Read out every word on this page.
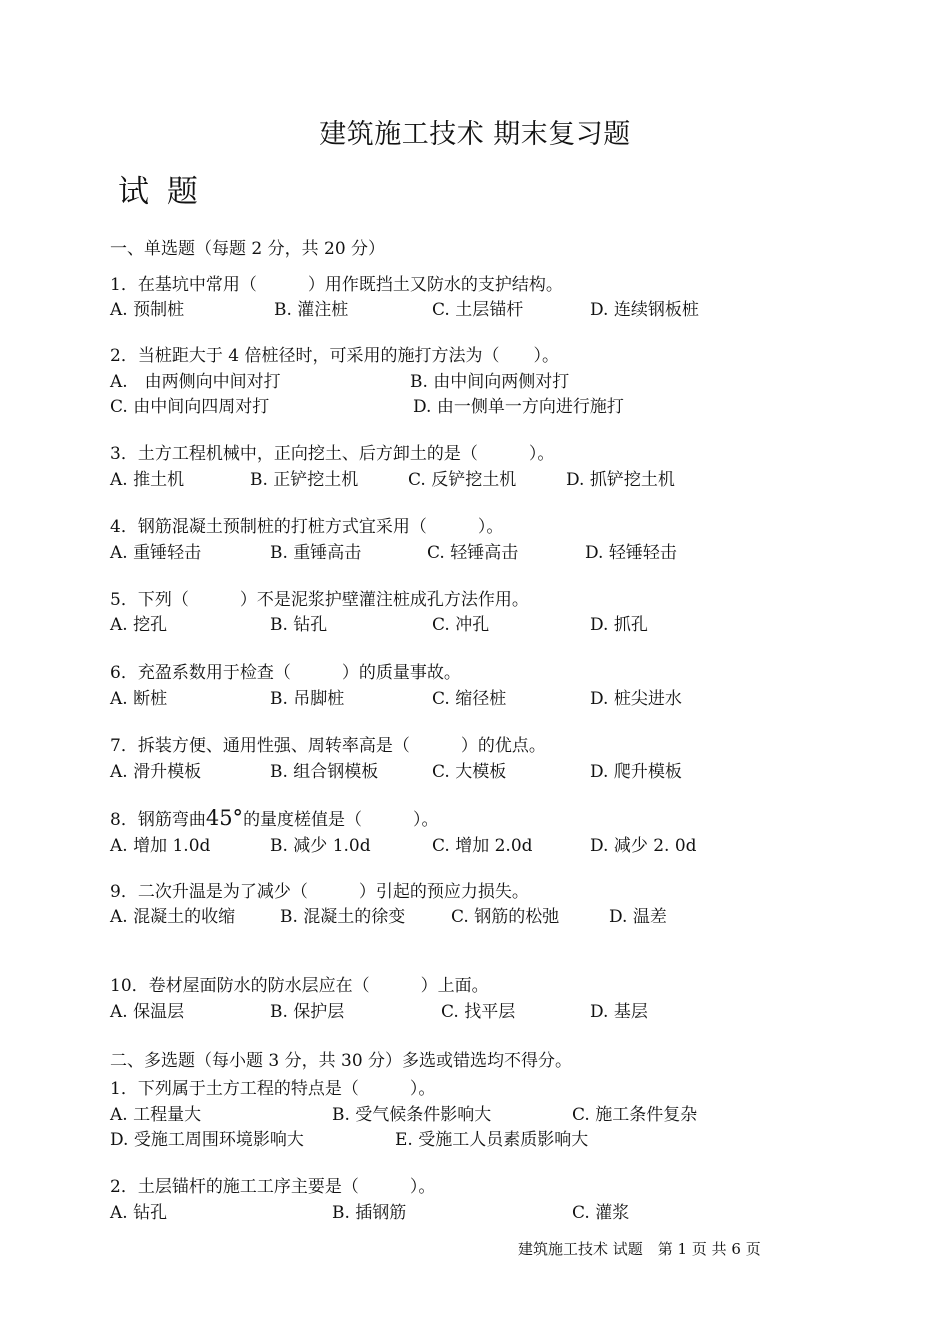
建筑施工技术 期末复习题
试 题
一、单选题（每题 2 分，共 20 分）
1．在基坑中常用（　　　）用作既挡土又防水的支护结构。
A. 预制桩	B. 灌注桩	C. 土层锚杆	D. 连续钢板桩
2．当桩距大于 4 倍桩径时，可采用的施打方法为（　　）。
A.　由两侧向中间对打	B. 由中间向两侧对打
C. 由中间向四周对打	D. 由一侧单一方向进行施打
3．土方工程机械中，正向挖土、后方卸土的是（　　　）。
A. 推土机	B. 正铲挖土机	C. 反铲挖土机	D. 抓铲挖土机
4．钢筋混凝土预制桩的打桩方式宜采用（　　　）。
A. 重锤轻击	B. 重锤高击	C. 轻锤高击	D. 轻锤轻击
5．下列（　　　）不是泥浆护壁灌注桩成孔方法作用。
A. 挖孔	B. 钻孔	C. 冲孔	D. 抓孔
6．充盈系数用于检查（　　　）的质量事故。
A. 断桩	B. 吊脚桩	C. 缩径桩	D. 桩尖进水
7．拆装方便、通用性强、周转率高是（　　　）的优点。
A. 滑升模板	B. 组合钢模板	C. 大模板	D. 爬升模板
8．钢筋弯曲45°的量度槎值是（　　　）。
A. 增加 1.0d	B. 减少 1.0d	C. 增加 2.0d	D. 减少 2. 0d
9．二次升温是为了减少（　　　）引起的预应力损失。
A. 混凝土的收缩	B. 混凝土的徐变	C. 钢筋的松弛	D. 温差
10．卷材屋面防水的防水层应在（　　　）上面。
A. 保温层	B. 保护层	C. 找平层	D. 基层
二、多选题（每小题 3 分，共 30 分）多选或错选均不得分。
1．下列属于土方工程的特点是（　　　）。
A. 工程量大	B. 受气候条件影响大	C. 施工条件复杂
D. 受施工周围环境影响大	E. 受施工人员素质影响大
2．土层锚杆的施工工序主要是（　　　）。
A. 钻孔	B. 插钢筋	C. 灌浆
建筑施工技术 试题　第 1 页 共 6 页
